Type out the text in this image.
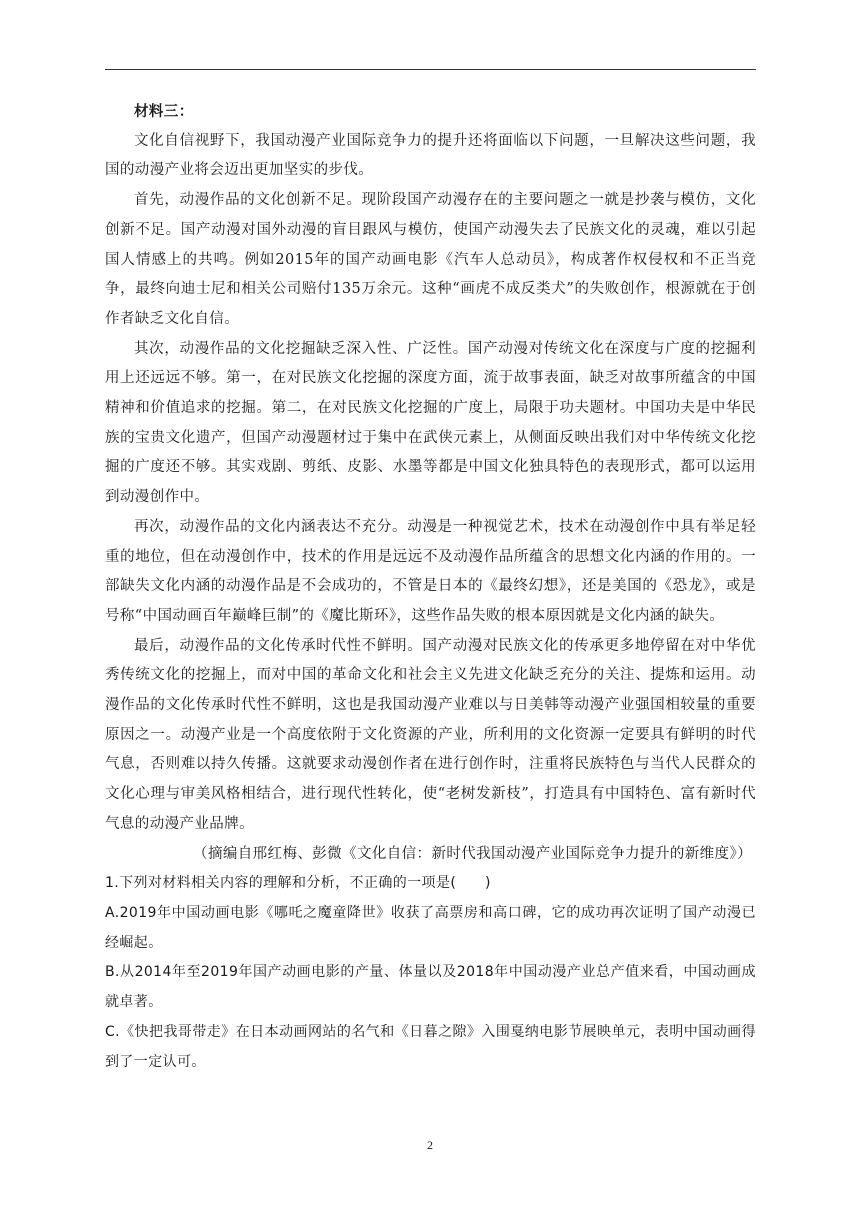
材料三：

文化自信视野下，我国动漫产业国际竞争力的提升还将面临以下问题，一旦解决这些问题，我国的动漫产业将会迈出更加坚实的步伐。

首先，动漫作品的文化创新不足。现阶段国产动漫存在的主要问题之一就是抄袭与模仿，文化创新不足。国产动漫对国外动漫的盲目跟风与模仿，使国产动漫失去了民族文化的灵魂，难以引起国人情感上的共鸣。例如2015年的国产动画电影《汽车人总动员》，构成著作权侵权和不正当竞争，最终向迪士尼和相关公司赔付135万余元。这种“画虎不成反类犬”的失败创作，根源就在于创作者缺乏文化自信。

其次，动漫作品的文化挖掘缺乏深入性、广泛性。国产动漫对传统文化在深度与广度的挖掘利用上还远远不够。第一，在对民族文化挖掘的深度方面，流于故事表面，缺乏对故事所蕴含的中国精神和价值追求的挖掘。第二，在对民族文化挖掘的广度上，局限于功夫题材。中国功夫是中华民族的宝贵文化遗产，但国产动漫题材过于集中在武侠元素上，从侧面反映出我们对中华传统文化挖掘的广度还不够。其实戏剧、剪纸、皮影、水墨等都是中国文化独具特色的表现形式，都可以运用到动漫创作中。

再次，动漫作品的文化内涵表达不充分。动漫是一种视觉艺术，技术在动漫创作中具有举足轻重的地位，但在动漫创作中，技术的作用是远远不及动漫作品所蕴含的思想文化内涵的作用的。一部缺失文化内涵的动漫作品是不会成功的，不管是日本的《最终幻想》，还是美国的《恐龙》，或是号称“中国动画百年巅峰巨制”的《魔比斯环》，这些作品失败的根本原因就是文化内涵的缺失。

最后，动漫作品的文化传承时代性不鲜明。国产动漫对民族文化的传承更多地停留在对中华优秀传统文化的挖掘上，而对中国的革命文化和社会主义先进文化缺乏充分的关注、提炼和运用。动漫作品的文化传承时代性不鲜明，这也是我国动漫产业难以与日美韩等动漫产业强国相较量的重要原因之一。动漫产业是一个高度依附于文化资源的产业，所利用的文化资源一定要具有鲜明的时代气息，否则难以持久传播。这就要求动漫创作者在进行创作时，注重将民族特色与当代人民群众的文化心理与审美风格相结合，进行现代性转化，使“老树发新枝”，打造具有中国特色、富有新时代气息的动漫产业品牌。

（摘编自邢红梅、彭微《文化自信：新时代我国动漫产业国际竞争力提升的新维度》）

1.下列对材料相关内容的理解和分析，不正确的一项是(　　)

A.2019年中国动画电影《哪吒之魔童降世》收获了高票房和高口碑，它的成功再次证明了国产动漫已经崛起。

B.从2014年至2019年国产动画电影的产量、体量以及2018年中国动漫产业总产值来看，中国动画成就卓著。

C.《快把我哥带走》在日本动画网站的名气和《日暮之隙》入围戛纳电影节展映单元，表明中国动画得到了一定认可。

2
